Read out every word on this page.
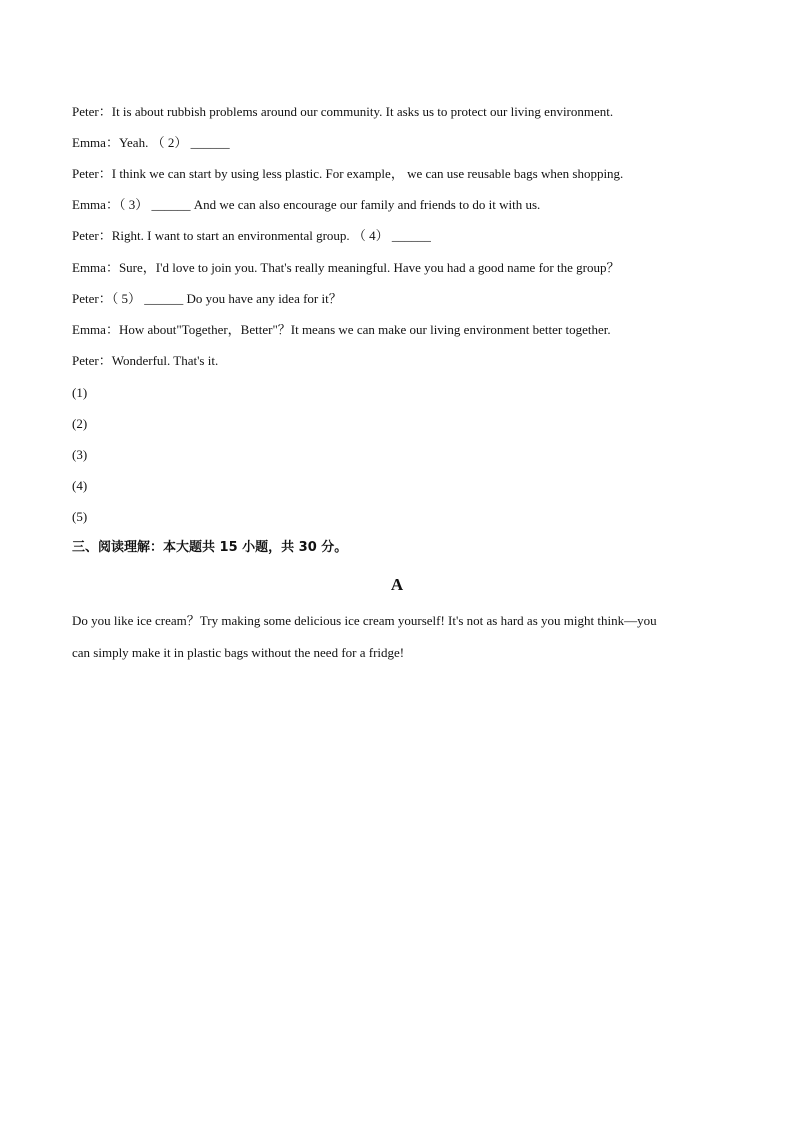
Peter：It is about rubbish problems around our community. It asks us to protect our living environment.
Emma：Yeah. （ 2） ______
Peter：I think we can start by using less plastic. For example， we can use reusable bags when shopping.
Emma：（ 3） ______ And we can also encourage our family and friends to do it with us.
Peter：Right. I want to start an environmental group. （ 4） ______
Emma：Sure，I'd love to join you. That's really meaningful. Have you had a good name for the group？
Peter：（ 5） ______ Do you have any idea for it？
Emma：How about"Together，Better"？It means we can make our living environment better together.
Peter：Wonderful. That's it.
(1)
(2)
(3)
(4)
(5)
三、阅读理解：本大题共 15 小题，共 30 分。
A
Do you like ice cream？Try making some delicious ice cream yourself! It's not as hard as you might think—you
can simply make it in plastic bags without the need for a fridge!
